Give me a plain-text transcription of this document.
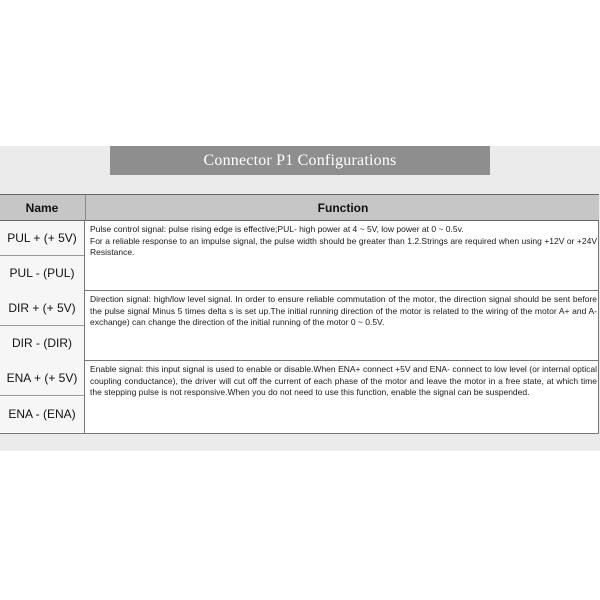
Connector P1 Configurations
Name	Function
PUL + (+ 5V)
PUL - (PUL)
Pulse control signal: pulse rising edge is effective;PUL- high power at 4 ~ 5V, low power at 0 ~ 0.5v.
For a reliable response to an impulse signal, the pulse width should be greater than 1.2.Strings are required when using +12V or +24V Resistance.
DIR + (+ 5V)
DIR - (DIR)
Direction signal: high/low level signal. In order to ensure reliable commutation of the motor, the direction signal should be sent before the pulse signal Minus 5 times delta s is set up.The initial running direction of the motor is related to the wiring of the motor A+ and A- exchange) can change the direction of the initial running of the motor 0 ~ 0.5V.
ENA + (+ 5V)
ENA - (ENA)
Enable signal: this input signal is used to enable or disable.When ENA+ connect +5V and ENA- connect to low level (or internal optical coupling conductance), the driver will cut off the current of each phase of the motor and leave the motor in a free state, at which time the stepping pulse is not responsive.When you do not need to use this function, enable the signal can be suspended.
